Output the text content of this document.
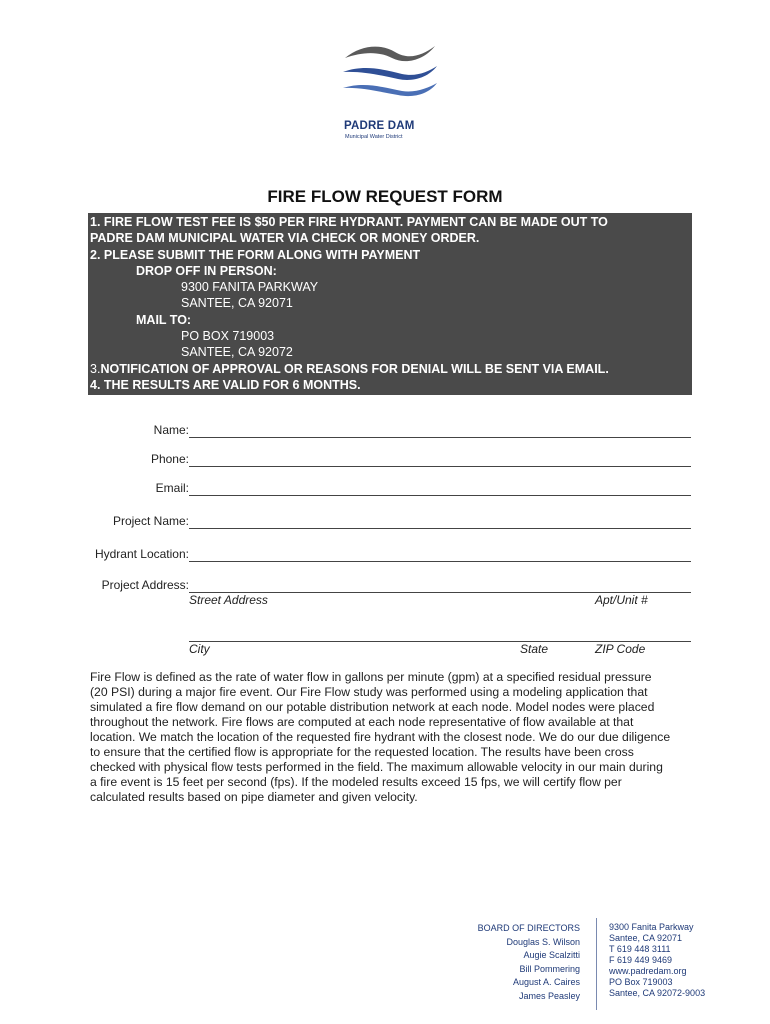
PADRE DAM
Municipal Water District
FIRE FLOW REQUEST FORM
1. FIRE FLOW TEST FEE IS $50 PER FIRE HYDRANT. PAYMENT CAN BE MADE OUT TO
PADRE DAM MUNICIPAL WATER VIA CHECK OR MONEY ORDER.
2. PLEASE SUBMIT THE FORM ALONG WITH PAYMENT
DROP OFF IN PERSON:
9300 FANITA PARKWAY
SANTEE, CA 92071
MAIL TO:
PO BOX 719003
SANTEE, CA 92072
3.NOTIFICATION OF APPROVAL OR REASONS FOR DENIAL WILL BE SENT VIA EMAIL.
4. THE RESULTS ARE VALID FOR 6 MONTHS.
Name:
Phone:
Email:
Project Name:
Hydrant Location:
Project Address:
Street Address	Apt/Unit #
City	State	ZIP Code
Fire Flow is defined as the rate of water flow in gallons per minute (gpm) at a specified residual pressure
(20 PSI) during a major fire event. Our Fire Flow study was performed using a modeling application that
simulated a fire flow demand on our potable distribution network at each node. Model nodes were placed
throughout the network. Fire flows are computed at each node representative of flow available at that
location. We match the location of the requested fire hydrant with the closest node. We do our due diligence
to ensure that the certified flow is appropriate for the requested location. The results have been cross
checked with physical flow tests performed in the field. The maximum allowable velocity in our main during
a fire event is 15 feet per second (fps). If the modeled results exceed 15 fps, we will certify flow per
calculated results based on pipe diameter and given velocity.
BOARD OF DIRECTORS
Douglas S. Wilson
Augie Scalzitti
Bill Pommering
August A. Caires
James Peasley
9300 Fanita Parkway
Santee, CA 92071
T 619 448 3111
F 619 449 9469
www.padredam.org
PO Box 719003
Santee, CA 92072-9003
